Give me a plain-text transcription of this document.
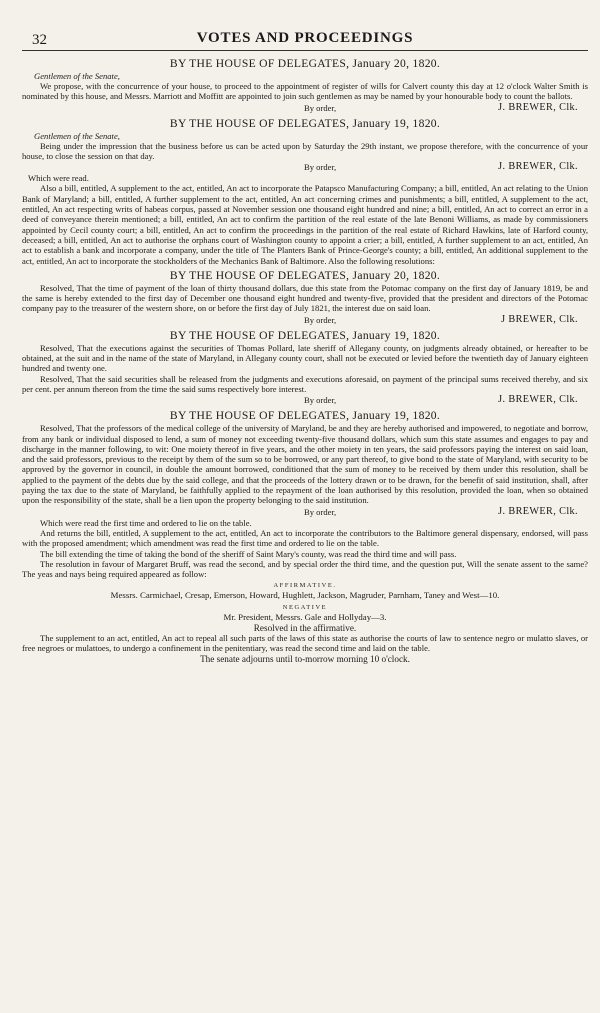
32	VOTES AND PROCEEDINGS
BY THE HOUSE OF DELEGATES, January 20, 1820.
Gentlemen of the Senate,

We propose, with the concurrence of your house, to proceed to the appointment of register of wills for Calvert county this day at 12 o'clock Walter Smith is nominated by this house, and Messrs. Marriott and Moffitt are appointed to join such gentlemen as may be named by your honourable body to count the ballots.

By order,	J. BREWER, Clk.
BY THE HOUSE OF DELEGATES, January 19, 1820.
Gentlemen of the Senate,

Being under the impression that the business before us can be acted upon by Saturday the 29th instant, we propose therefore, with the concurrence of your house, to close the session on that day.

By order,	J. BREWER, Clk.

Which were read.

Also a bill, entitled, A supplement to the act, entitled, An act to incorporate the Patapsco Manufacturing Company; a bill, entitled, An act relating to the Union Bank of Maryland; a bill, entitled, A further supplement to the act, entitled, An act concerning crimes and punishments; a bill, entitled, A supplement to the act, entitled, An act respecting writs of habeas corpus, passed at November session one thousand eight hundred and nine; a bill, entitled, An act to correct an error in a deed of conveyance therein mentioned; a bill, entitled, An act to confirm the partition of the real estate of the late Benoni Williams, as made by commissioners appointed by Cecil county court; a bill, entitled, An act to confirm the proceedings in the partition of the real estate of Richard Hawkins, late of Harford county, deceased; a bill, entitled, An act to authorise the orphans court of Washington county to appoint a crier; a bill, entitled, A further supplement to an act, entitled, An act to establish a bank and incorporate a company, under the title of The Planters Bank of Prince-George's county; a bill, entitled, An additional supplement to the act, entitled, An act to incorporate the stockholders of the Mechanics Bank of Baltimore. Also the following resolutions:

BY THE HOUSE OF DELEGATES, January 20, 1820.

Resolved, That the time of payment of the loan of thirty thousand dollars, due this state from the Potomac company on the first day of January 1819, be and the same is hereby extended to the first day of December one thousand eight hundred and twenty-five, provided that the president and directors of the Potomac company pay to the treasurer of the western shore, on or before the first day of July 1821, the interest due on said loan.

By order,	J BREWER, Clk.
BY THE HOUSE OF DELEGATES, January 19, 1820.

Resolved, That the executions against the securities of Thomas Pollard, late sheriff of Allegany county, on judgments already obtained, or hereafter to be obtained, at the suit and in the name of the state of Maryland, in Allegany county court, shall not be executed or levied before the twentieth day of January eighteen hundred and twenty one.

Resolved, That the said securities shall be released from the judgments and executions aforesaid, on payment of the principal sums received thereby, and six per cent. per annum thereon from the time the said sums respectively bore interest.

By order,	J. BREWER, Clk.
BY THE HOUSE OF DELEGATES, January 19, 1820.

Resolved, That the professors of the medical college of the university of Maryland, be and they are hereby authorised and impowered, to negotiate and borrow, from any bank or individual disposed to lend, a sum of money not exceeding twenty-five thousand dollars, which sum this state assumes and engages to pay and discharge in the manner following, to wit: One moiety thereof in five years, and the other moiety in ten years, the said professors paying the interest on said loan, and the said professors, previous to the receipt by them of the sum so to be borrowed, or any part thereof, to give bond to the state of Maryland, with security to be approved by the governor in council, in double the amount borrowed, conditioned that the sum of money to be received by them under this resolution, shall be applied to the payment of the debts due by the said college, and that the proceeds of the lottery drawn or to be drawn, for the benefit of said institution, shall, after paying the tax due to the state of Maryland, be faithfully applied to the repayment of the loan authorised by this resolution, provided the loan, when so obtained upon the responsibility of the state, shall be a lien upon the property belonging to the said institution.

By order,	J. BREWER, Clk.

Which were read the first time and ordered to lie on the table.

And returns the bill, entitled, A supplement to the act, entitled, An act to incorporate the contributors to the Baltimore general dispensary, endorsed, will pass with the proposed amendment; which amendment was read the first time and ordered to lie on the table.

The bill extending the time of taking the bond of the sheriff of Saint Mary's county, was read the third time and will pass.

The resolution in favour of Margaret Bruff, was read the second, and by special order the third time, and the question put, Will the senate assent to the same? The yeas and nays being required appeared as follow:

AFFIRMATIVE.

Messrs. Carmichael, Cresap, Emerson, Howard, Hughlett, Jackson, Magruder, Parnham, Taney and West—10.

NEGATIVE

Mr. President, Messrs. Gale and Hollyday—3.

Resolved in the affirmative.

The supplement to an act, entitled, An act to repeal all such parts of the laws of this state as authorise the courts of law to sentence negro or mulatto slaves, or free negroes or mulattoes, to undergo a confinement in the penitentiary, was read the second time and laid on the table.

The senate adjourns until to-morrow morning 10 o'clock.
